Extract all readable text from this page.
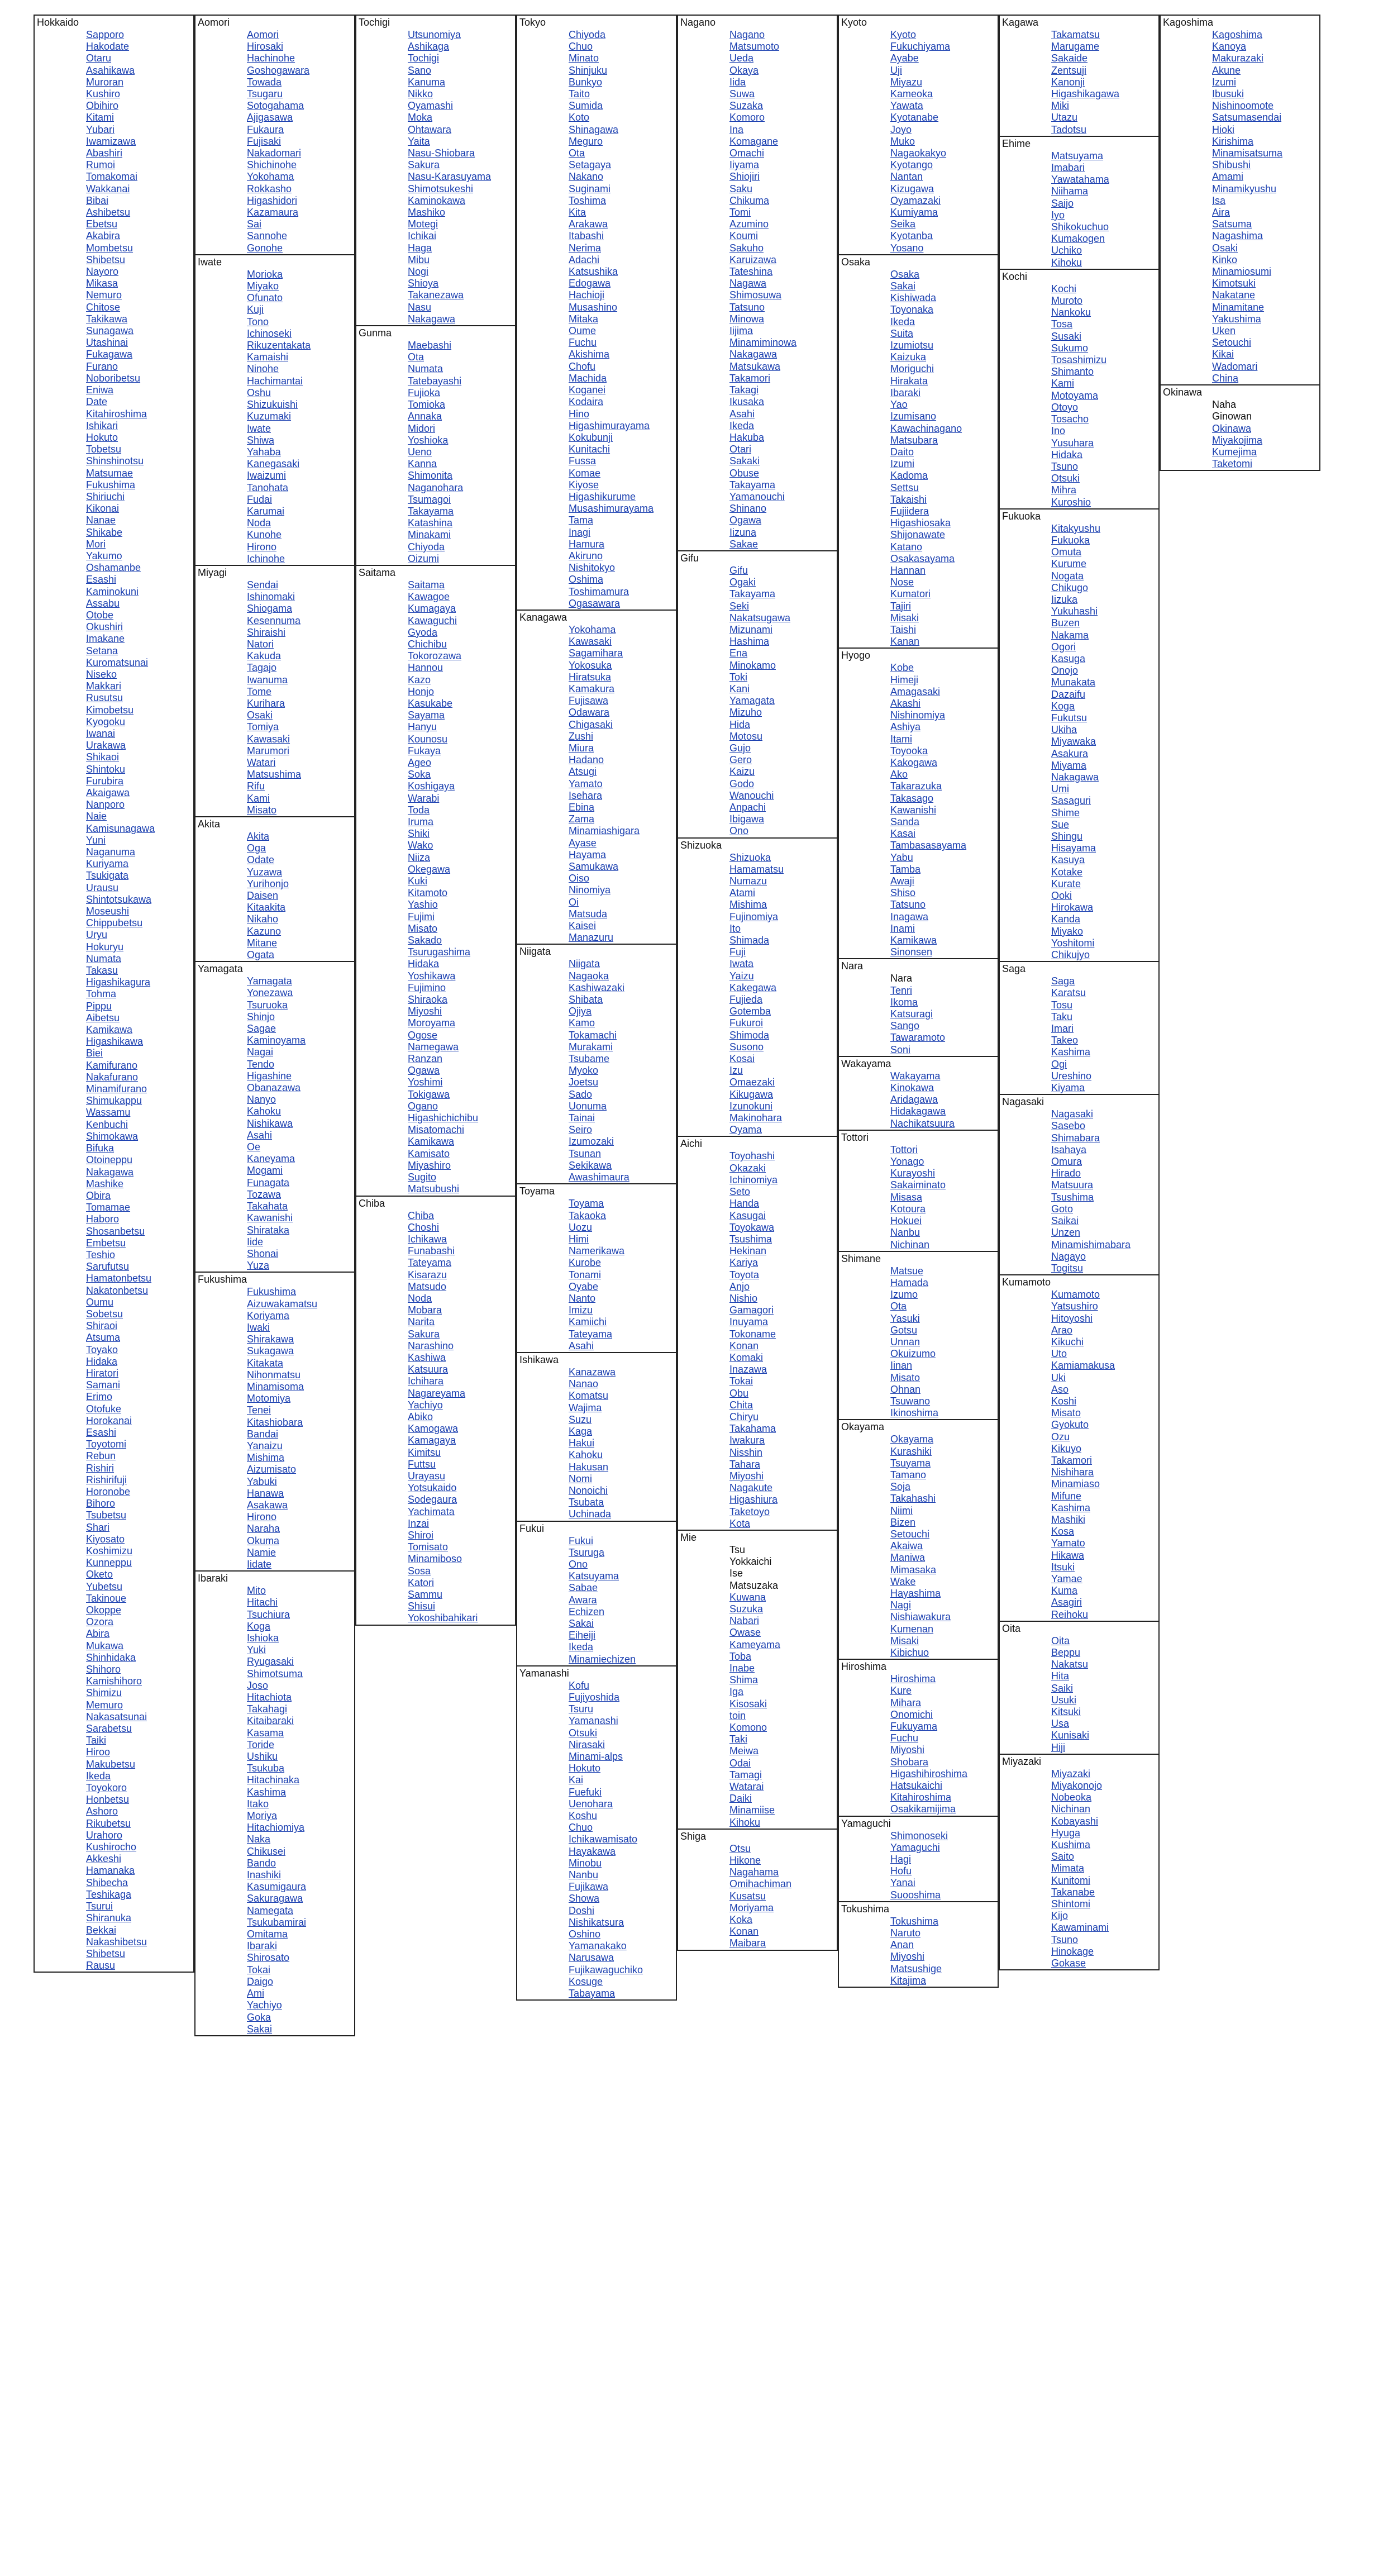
Hokkaido
Sapporo
Hakodate
Otaru
Asahikawa
Muroran
Kushiro
Obihiro
Kitami
Yubari
Iwamizawa
Abashiri
Rumoi
Tomakomai
Wakkanai
Bibai
Ashibetsu
Ebetsu
Akabira
Mombetsu
Shibetsu
Nayoro
Mikasa
Nemuro
Chitose
Takikawa
Sunagawa
Utashinai
Fukagawa
Furano
Noboribetsu
Eniwa
Date
Kitahiroshima
Ishikari
Hokuto
Tobetsu
Shinshinotsu
Matsumae
Fukushima
Shiriuchi
Kikonai
Nanae
Shikabe
Mori
Yakumo
Oshamanbe
Esashi
Kaminokuni
Assabu
Otobe
Okushiri
Imakane
Setana
Kuromatsunai
Niseko
Makkari
Rusutsu
Kimobetsu
Kyogoku
Iwanai
Urakawa
Shikaoi
Shintoku
Furubira
Akaigawa
Nanporo
Naie
Kamisunagawa
Yuni
Naganuma
Kuriyama
Tsukigata
Urausu
Shintotsukawa
Moseushi
Chippubetsu
Uryu
Hokuryu
Numata
Takasu
Higashikagura
Tohma
Pippu
Aibetsu
Kamikawa
Higashikawa
Biei
Kamifurano
Nakafurano
Minamifurano
Shimukappu
Wassamu
Kenbuchi
Shimokawa
Bifuka
Otoineppu
Nakagawa
Mashike
Obira
Tomamae
Haboro
Shosanbetsu
Embetsu
Teshio
Sarufutsu
Hamatonbetsu
Nakatonbetsu
Oumu
Sobetsu
Shiraoi
Atsuma
Toyako
Hidaka
Hiratori
Samani
Erimo
Otofuke
Horokanai
Esashi
Toyotomi
Rebun
Rishiri
Rishirifuji
Horonobe
Bihoro
Tsubetsu
Shari
Kiyosato
Koshimizu
Kunneppu
Oketo
Yubetsu
Takinoue
Okoppe
Ozora
Abira
Mukawa
Shinhidaka
Shihoro
Kamishihoro
Shimizu
Memuro
Nakasatsunai
Sarabetsu
Taiki
Hiroo
Makubetsu
Ikeda
Toyokoro
Honbetsu
Ashoro
Rikubetsu
Urahoro
Kushirocho
Akkeshi
Hamanaka
Shibecha
Teshikaga
Tsurui
Shiranuka
Bekkai
Nakashibetsu
Shibetsu
Rausu
Aomori
Aomori
Hirosaki
Hachinohe
Goshogawara
Towada
Tsugaru
Sotogahama
Ajigasawa
Fukaura
Fujisaki
Nakadomari
Shichinohe
Yokohama
Rokkasho
Higashidori
Kazamaura
Sai
Sannohe
Gonohe
Iwate
Morioka
Miyako
Ofunato
Kuji
Tono
Ichinoseki
Rikuzentakata
Kamaishi
Ninohe
Hachimantai
Oshu
Shizukuishi
Kuzumaki
Iwate
Shiwa
Yahaba
Kanegasaki
Iwaizumi
Tanohata
Fudai
Karumai
Noda
Kunohe
Hirono
Ichinohe
Miyagi
Sendai
Ishinomaki
Shiogama
Kesennuma
Shiraishi
Natori
Kakuda
Tagajo
Iwanuma
Tome
Kurihara
Osaki
Tomiya
Kawasaki
Marumori
Watari
Matsushima
Rifu
Kami
Misato
Akita
Akita
Oga
Odate
Yuzawa
Yurihonjo
Daisen
Kitaakita
Nikaho
Kazuno
Mitane
Ogata
Yamagata
Yamagata
Yonezawa
Tsuruoka
Shinjo
Sagae
Kaminoyama
Nagai
Tendo
Higashine
Obanazawa
Nanyo
Kahoku
Nishikawa
Asahi
Oe
Kaneyama
Mogami
Funagata
Tozawa
Takahata
Kawanishi
Shirataka
Iide
Shonai
Yuza
Fukushima
Fukushima
Aizuwakamatsu
Koriyama
Iwaki
Shirakawa
Sukagawa
Kitakata
Nihonmatsu
Minamisoma
Motomiya
Tenei
Kitashiobara
Bandai
Yanaizu
Mishima
Aizumisato
Yabuki
Hanawa
Asakawa
Hirono
Naraha
Okuma
Namie
Iidate
Ibaraki
Mito
Hitachi
Tsuchiura
Koga
Ishioka
Yuki
Ryugasaki
Shimotsuma
Joso
Hitachiota
Takahagi
Kitaibaraki
Kasama
Toride
Ushiku
Tsukuba
Hitachinaka
Kashima
Itako
Moriya
Hitachiomiya
Naka
Chikusei
Bando
Inashiki
Kasumigaura
Sakuragawa
Namegata
Tsukubamirai
Omitama
Ibaraki
Shirosato
Tokai
Daigo
Ami
Yachiyo
Goka
Sakai
Tochigi
Utsunomiya
Ashikaga
Tochigi
Sano
Kanuma
Nikko
Oyamashi
Moka
Ohtawara
Yaita
Nasu-Shiobara
Sakura
Nasu-Karasuyama
Shimotsukeshi
Kaminokawa
Mashiko
Motegi
Ichikai
Haga
Mibu
Nogi
Shioya
Takanezawa
Nasu
Nakagawa
Gunma
Maebashi
Ota
Numata
Tatebayashi
Fujioka
Tomioka
Annaka
Midori
Yoshioka
Ueno
Kanna
Shimonita
Naganohara
Tsumagoi
Takayama
Katashina
Minakami
Chiyoda
Oizumi
Saitama
Saitama
Kawagoe
Kumagaya
Kawaguchi
Gyoda
Chichibu
Tokorozawa
Hannou
Kazo
Honjo
Kasukabe
Sayama
Hanyu
Kounosu
Fukaya
Ageo
Soka
Koshigaya
Warabi
Toda
Iruma
Shiki
Wako
Niiza
Okegawa
Kuki
Kitamoto
Yashio
Fujimi
Misato
Sakado
Tsurugashima
Hidaka
Yoshikawa
Fujimino
Shiraoka
Miyoshi
Moroyama
Ogose
Namegawa
Ranzan
Ogawa
Yoshimi
Tokigawa
Ogano
Higashichichibu
Misatomachi
Kamikawa
Kamisato
Miyashiro
Sugito
Matsubushi
Chiba
Chiba
Choshi
Ichikawa
Funabashi
Tateyama
Kisarazu
Matsudo
Noda
Mobara
Narita
Sakura
Narashino
Kashiwa
Katsuura
Ichihara
Nagareyama
Yachiyo
Abiko
Kamogawa
Kamagaya
Kimitsu
Futtsu
Urayasu
Yotsukaido
Sodegaura
Yachimata
Inzai
Shiroi
Tomisato
Minamiboso
Sosa
Katori
Sammu
Shisui
Yokoshibahikari
Tokyo
Chiyoda
Chuo
Minato
Shinjuku
Bunkyo
Taito
Sumida
Koto
Shinagawa
Meguro
Ota
Setagaya
Nakano
Suginami
Toshima
Kita
Arakawa
Itabashi
Nerima
Adachi
Katsushika
Edogawa
Hachioji
Musashino
Mitaka
Oume
Fuchu
Akishima
Chofu
Machida
Koganei
Kodaira
Hino
Higashimurayama
Kokubunji
Kunitachi
Fussa
Komae
Kiyose
Higashikurume
Musashimurayama
Tama
Inagi
Hamura
Akiruno
Nishitokyo
Oshima
Toshimamura
Ogasawara
Kanagawa
Yokohama
Kawasaki
Sagamihara
Yokosuka
Hiratsuka
Kamakura
Fujisawa
Odawara
Chigasaki
Zushi
Miura
Hadano
Atsugi
Yamato
Isehara
Ebina
Zama
Minamiashigara
Ayase
Hayama
Samukawa
Oiso
Ninomiya
Oi
Matsuda
Kaisei
Manazuru
Niigata
Niigata
Nagaoka
Kashiwazaki
Shibata
Ojiya
Kamo
Tokamachi
Murakami
Tsubame
Myoko
Joetsu
Sado
Uonuma
Tainai
Seiro
Izumozaki
Tsunan
Sekikawa
Awashimaura
Toyama
Toyama
Takaoka
Uozu
Himi
Namerikawa
Kurobe
Tonami
Oyabe
Nanto
Imizu
Kamiichi
Tateyama
Asahi
Ishikawa
Kanazawa
Nanao
Komatsu
Wajima
Suzu
Kaga
Hakui
Kahoku
Hakusan
Nomi
Nonoichi
Tsubata
Uchinada
Fukui
Fukui
Tsuruga
Ono
Katsuyama
Sabae
Awara
Echizen
Sakai
Eiheiji
Ikeda
Minamiechizen
Yamanashi
Kofu
Fujiyoshida
Tsuru
Yamanashi
Otsuki
Nirasaki
Minami-alps
Hokuto
Kai
Fuefuki
Uenohara
Koshu
Chuo
Ichikawamisato
Hayakawa
Minobu
Nanbu
Fujikawa
Showa
Doshi
Nishikatsura
Oshino
Yamanakako
Narusawa
Fujikawaguchiko
Kosuge
Tabayama
Nagano
Nagano
Matsumoto
Ueda
Okaya
Iida
Suwa
Suzaka
Komoro
Ina
Komagane
Omachi
Iiyama
Shiojiri
Saku
Chikuma
Tomi
Azumino
Koumi
Sakuho
Karuizawa
Tateshina
Nagawa
Shimosuwa
Tatsuno
Minowa
Iijima
Minamiminowa
Nakagawa
Matsukawa
Takamori
Takagi
Ikusaka
Asahi
Ikeda
Hakuba
Otari
Sakaki
Obuse
Takayama
Yamanouchi
Shinano
Ogawa
Iizuna
Sakae
Gifu
Gifu
Ogaki
Takayama
Seki
Nakatsugawa
Mizunami
Hashima
Ena
Minokamo
Toki
Kani
Yamagata
Mizuho
Hida
Motosu
Gujo
Gero
Kaizu
Godo
Wanouchi
Anpachi
Ibigawa
Ono
Shizuoka
Shizuoka
Hamamatsu
Numazu
Atami
Mishima
Fujinomiya
Ito
Shimada
Fuji
Iwata
Yaizu
Kakegawa
Fujieda
Gotemba
Fukuroi
Shimoda
Susono
Kosai
Izu
Omaezaki
Kikugawa
Izunokuni
Makinohara
Oyama
Aichi
Toyohashi
Okazaki
Ichinomiya
Seto
Handa
Kasugai
Toyokawa
Tsushima
Hekinan
Kariya
Toyota
Anjo
Nishio
Gamagori
Inuyama
Tokoname
Konan
Komaki
Inazawa
Tokai
Obu
Chita
Chiryu
Takahama
Iwakura
Nisshin
Tahara
Miyoshi
Nagakute
Higashiura
Taketoyo
Kota
Mie
Tsu
Yokkaichi
Ise
Matsuzaka
Kuwana
Suzuka
Nabari
Owase
Kameyama
Toba
Inabe
Shima
Iga
Kisosaki
toin
Komono
Taki
Meiwa
Odai
Tamagi
Watarai
Daiki
Minamiise
Kihoku
Shiga
Otsu
Hikone
Nagahama
Omihachiman
Kusatsu
Moriyama
Koka
Konan
Maibara
Kyoto
Kyoto
Fukuchiyama
Ayabe
Uji
Miyazu
Kameoka
Yawata
Kyotanabe
Joyo
Muko
Nagaokakyo
Kyotango
Nantan
Kizugawa
Oyamazaki
Kumiyama
Seika
Kyotanba
Yosano
Osaka
Osaka
Sakai
Kishiwada
Toyonaka
Ikeda
Suita
Izumiotsu
Kaizuka
Moriguchi
Hirakata
Ibaraki
Yao
Izumisano
Kawachinagano
Matsubara
Daito
Izumi
Kadoma
Settsu
Takaishi
Fujiidera
Higashiosaka
Shijonawate
Katano
Osakasayama
Hannan
Nose
Kumatori
Tajiri
Misaki
Taishi
Kanan
Hyogo
Kobe
Himeji
Amagasaki
Akashi
Nishinomiya
Ashiya
Itami
Toyooka
Kakogawa
Ako
Takarazuka
Takasago
Kawanishi
Sanda
Kasai
Tambasasayama
Yabu
Tamba
Awaji
Shiso
Tatsuno
Inagawa
Inami
Kamikawa
Sinonsen
Nara
Nara
Tenri
Ikoma
Katsuragi
Sango
Tawaramoto
Soni
Wakayama
Wakayama
Kinokawa
Aridagawa
Hidakagawa
Nachikatsuura
Tottori
Tottori
Yonago
Kurayoshi
Sakaiminato
Misasa
Kotoura
Hokuei
Nanbu
Nichinan
Shimane
Matsue
Hamada
Izumo
Ota
Yasuki
Gotsu
Unnan
Okuizumo
Iinan
Misato
Ohnan
Tsuwano
Ikinoshima
Okayama
Okayama
Kurashiki
Tsuyama
Tamano
Soja
Takahashi
Niimi
Bizen
Setouchi
Akaiwa
Maniwa
Mimasaka
Wake
Hayashima
Nagi
Nishiawakura
Kumenan
Misaki
Kibichuo
Hiroshima
Hiroshima
Kure
Mihara
Onomichi
Fukuyama
Fuchu
Miyoshi
Shobara
Higashihiroshima
Hatsukaichi
Kitahiroshima
Osakikamijima
Yamaguchi
Shimonoseki
Yamaguchi
Hagi
Hofu
Yanai
Suooshima
Tokushima
Tokushima
Naruto
Anan
Miyoshi
Matsushige
Kitajima
Kagawa
Takamatsu
Marugame
Sakaide
Zentsuji
Kanonji
Higashikagawa
Miki
Utazu
Tadotsu
Ehime
Matsuyama
Imabari
Yawatahama
Niihama
Saijo
Iyo
Shikokuchuo
Kumakogen
Uchiko
Kihoku
Kochi
Kochi
Muroto
Nankoku
Tosa
Susaki
Sukumo
Tosashimizu
Shimanto
Kami
Motoyama
Otoyo
Tosacho
Ino
Yusuhara
Hidaka
Tsuno
Otsuki
Mihra
Kuroshio
Fukuoka
Kitakyushu
Fukuoka
Omuta
Kurume
Nogata
Chikugo
Iizuka
Yukuhashi
Buzen
Nakama
Ogori
Kasuga
Onojo
Munakata
Dazaifu
Koga
Fukutsu
Ukiha
Miyawaka
Asakura
Miyama
Nakagawa
Umi
Sasaguri
Shime
Sue
Shingu
Hisayama
Kasuya
Kotake
Kurate
Ooki
Hirokawa
Kanda
Miyako
Yoshitomi
Chikujyo
Saga
Saga
Karatsu
Tosu
Taku
Imari
Takeo
Kashima
Ogi
Ureshino
Kiyama
Nagasaki
Nagasaki
Sasebo
Shimabara
Isahaya
Omura
Hirado
Matsuura
Tsushima
Goto
Saikai
Unzen
Minamishimabara
Nagayo
Togitsu
Kumamoto
Kumamoto
Yatsushiro
Hitoyoshi
Arao
Kikuchi
Uto
Kamiamakusa
Uki
Aso
Koshi
Misato
Gyokuto
Ozu
Kikuyo
Takamori
Nishihara
Minamiaso
Mifune
Kashima
Mashiki
Kosa
Yamato
Hikawa
Itsuki
Yamae
Kuma
Asagiri
Reihoku
Oita
Oita
Beppu
Nakatsu
Hita
Saiki
Usuki
Kitsuki
Usa
Kunisaki
Hiji
Miyazaki
Miyazaki
Miyakonojo
Nobeoka
Nichinan
Kobayashi
Hyuga
Kushima
Saito
Mimata
Kunitomi
Takanabe
Shintomi
Kijo
Kawaminami
Tsuno
Hinokage
Gokase
Kagoshima
Kagoshima
Kanoya
Makurazaki
Akune
Izumi
Ibusuki
Nishinoomote
Satsumasendai
Hioki
Kirishima
Minamisatsuma
Shibushi
Amami
Minamikyushu
Isa
Aira
Satsuma
Nagashima
Osaki
Kinko
Minamiosumi
Kimotsuki
Nakatane
Minamitane
Yakushima
Uken
Setouchi
Kikai
Wadomari
China
Okinawa
Naha
Ginowan
Okinawa
Miyakojima
Kumejima
Taketomi
